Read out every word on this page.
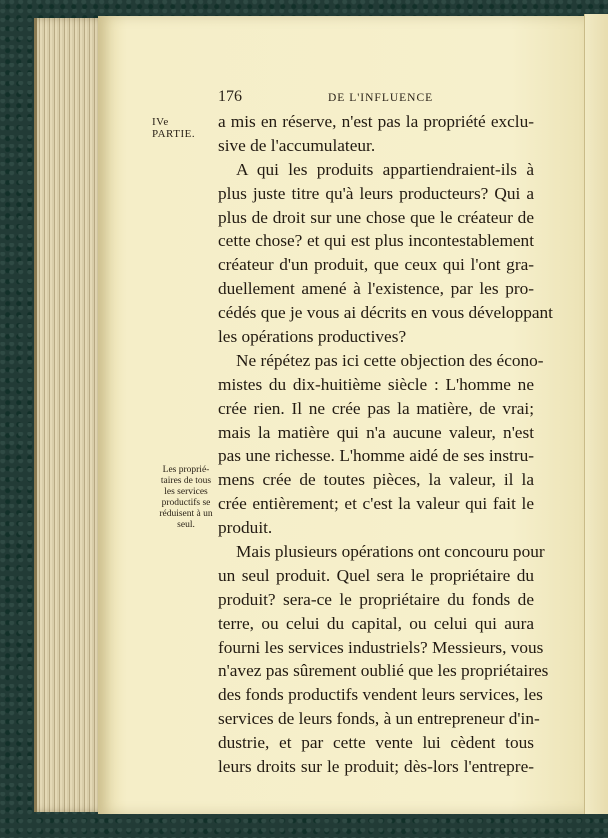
176	DE L'INFLUENCE
IVe PARTIE.
Les proprié-
taires de tous
les services
productifs se
réduisent à un
seul.
a mis en réserve, n'est pas la propriété exclu-
sive de l'accumulateur.
A qui les produits appartiendraient-ils à
plus juste titre qu'à leurs producteurs? Qui a
plus de droit sur une chose que le créateur de
cette chose? et qui est plus incontestablement
créateur d'un produit, que ceux qui l'ont gra-
duellement amené à l'existence, par les pro-
cédés que je vous ai décrits en vous développant
les opérations productives?
Ne répétez pas ici cette objection des écono-
mistes du dix-huitième siècle : L'homme ne
crée rien. Il ne crée pas la matière, de vrai;
mais la matière qui n'a aucune valeur, n'est
pas une richesse. L'homme aidé de ses instru-
mens crée de toutes pièces, la valeur, il la
crée entièrement; et c'est la valeur qui fait le
produit.
Mais plusieurs opérations ont concouru pour
un seul produit. Quel sera le propriétaire du
produit? sera-ce le propriétaire du fonds de
terre, ou celui du capital, ou celui qui aura
fourni les services industriels? Messieurs, vous
n'avez pas sûrement oublié que les propriétaires
des fonds productifs vendent leurs services, les
services de leurs fonds, à un entrepreneur d'in-
dustrie, et par cette vente lui cèdent tous
leurs droits sur le produit; dès-lors l'entrepre-
